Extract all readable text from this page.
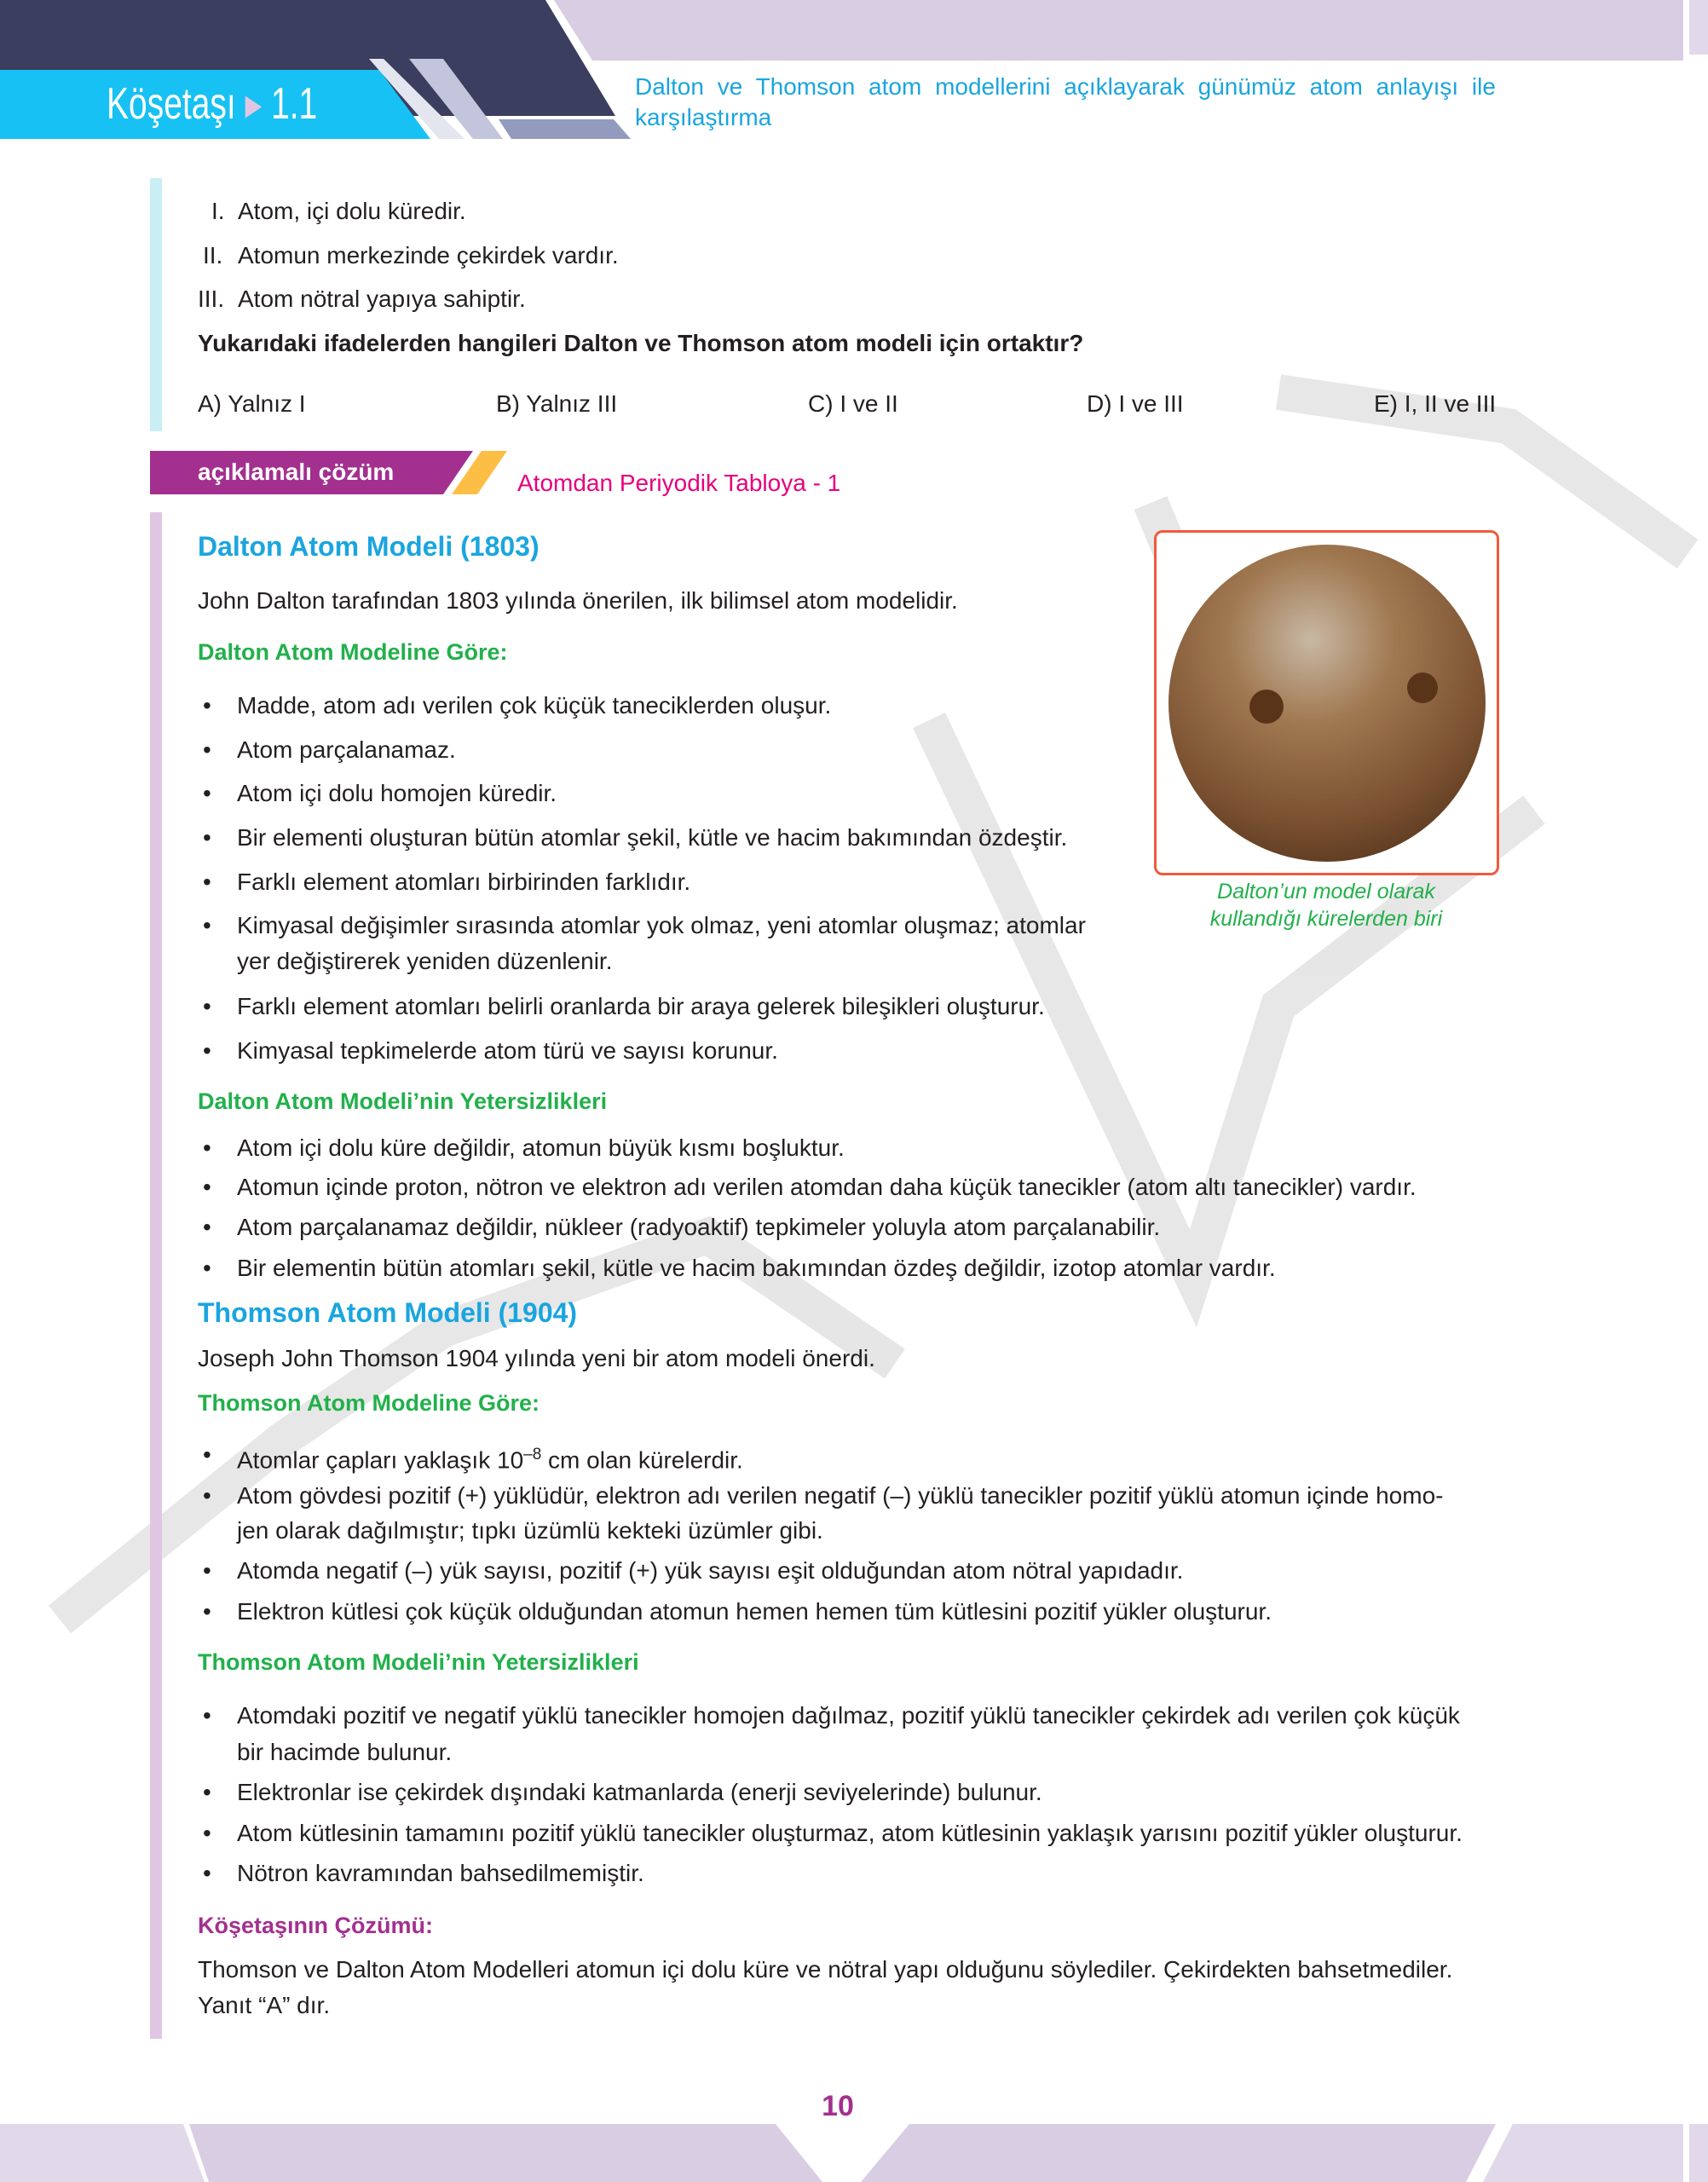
Köşetaşı ▸ 1.1	Dalton ve Thomson atom modellerini açıklayarak günümüz atom anlayışı ile
karşılaştırma
I. Atom, içi dolu küredir.
II. Atomun merkezinde çekirdek vardır.
III. Atom nötral yapıya sahiptir.
Yukarıdaki ifadelerden hangileri Dalton ve Thomson atom modeli için ortaktır?
A) Yalnız I	B) Yalnız III	C) I ve II	D) I ve III	E) I, II ve III
açıklamalı çözüm	Atomdan Periyodik Tabloya - 1
Dalton Atom Modeli (1803)
John Dalton tarafından 1803 yılında önerilen, ilk bilimsel atom modelidir.
Dalton Atom Modeline Göre:
• Madde, atom adı verilen çok küçük taneciklerden oluşur.
• Atom parçalanamaz.
• Atom içi dolu homojen küredir.
• Bir elementi oluşturan bütün atomlar şekil, kütle ve hacim bakımından özdeştir.
• Farklı element atomları birbirinden farklıdır.
• Kimyasal değişimler sırasında atomlar yok olmaz, yeni atomlar oluşmaz; atomlar
yer değiştirerek yeniden düzenlenir.
• Farklı element atomları belirli oranlarda bir araya gelerek bileşikleri oluşturur.
• Kimyasal tepkimelerde atom türü ve sayısı korunur.
Dalton’un model olarak
kullandığı kürelerden biri
Dalton Atom Modeli’nin Yetersizlikleri
• Atom içi dolu küre değildir, atomun büyük kısmı boşluktur.
• Atomun içinde proton, nötron ve elektron adı verilen atomdan daha küçük tanecikler (atom altı tanecikler) vardır.
• Atom parçalanamaz değildir, nükleer (radyoaktif) tepkimeler yoluyla atom parçalanabilir.
• Bir elementin bütün atomları şekil, kütle ve hacim bakımından özdeş değildir, izotop atomlar vardır.
Thomson Atom Modeli (1904)
Joseph John Thomson 1904 yılında yeni bir atom modeli önerdi.
Thomson Atom Modeline Göre:
• Atomlar çapları yaklaşık $10^{-8}$ cm olan kürelerdir.
• Atom gövdesi pozitif (+) yüklüdür, elektron adı verilen negatif (–) yüklü tanecikler pozitif yüklü atomun içinde homo-
jen olarak dağılmıştır; tıpkı üzümlü kekteki üzümler gibi.
• Atomda negatif (–) yük sayısı, pozitif (+) yük sayısı eşit olduğundan atom nötral yapıdadır.
• Elektron kütlesi çok küçük olduğundan atomun hemen hemen tüm kütlesini pozitif yükler oluşturur.
Thomson Atom Modeli’nin Yetersizlikleri
• Atomdaki pozitif ve negatif yüklü tanecikler homojen dağılmaz, pozitif yüklü tanecikler çekirdek adı verilen çok küçük
bir hacimde bulunur.
• Elektronlar ise çekirdek dışındaki katmanlarda (enerji seviyelerinde) bulunur.
• Atom kütlesinin tamamını pozitif yüklü tanecikler oluşturmaz, atom kütlesinin yaklaşık yarısını pozitif yükler oluşturur.
• Nötron kavramından bahsedilmemiştir.
Köşetaşının Çözümü:
Thomson ve Dalton Atom Modelleri atomun içi dolu küre ve nötral yapı olduğunu söylediler. Çekirdekten bahsetmediler.
Yanıt “A” dır.
10
